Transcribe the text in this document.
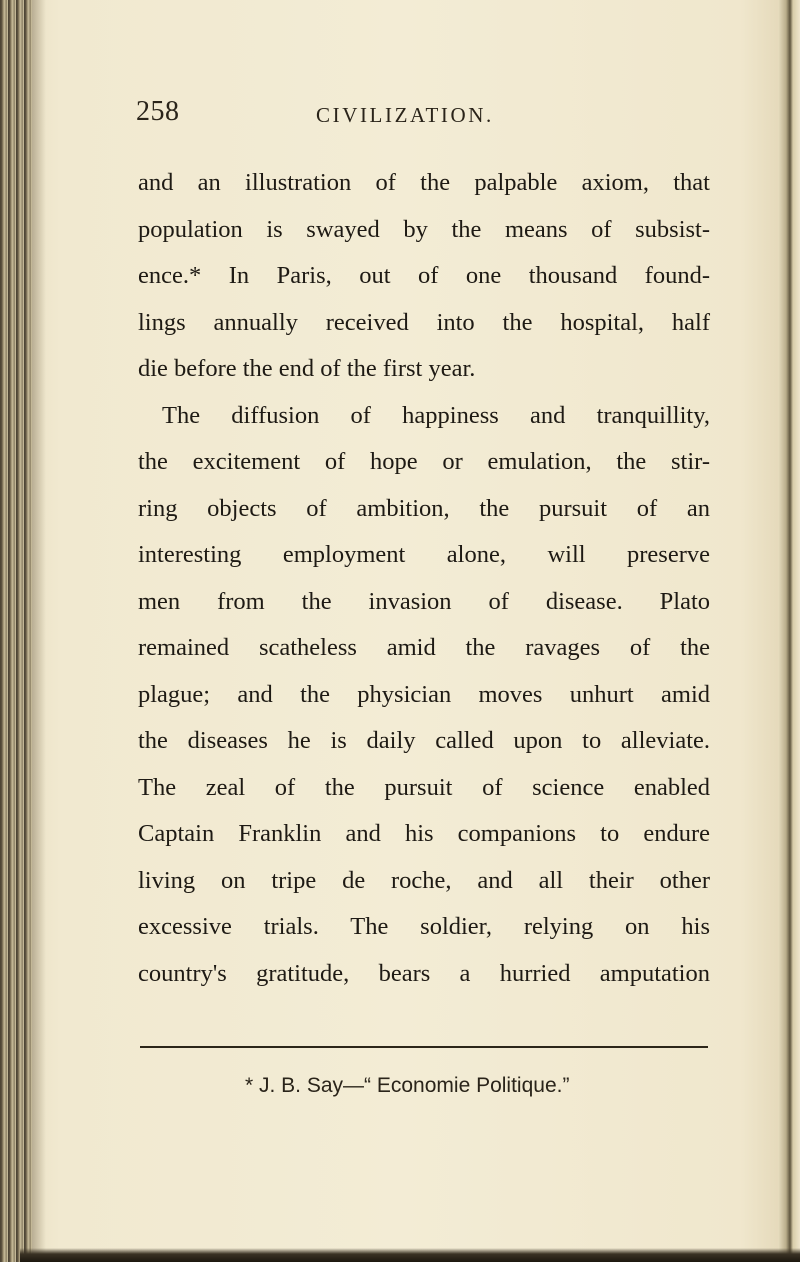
258	CIVILIZATION.
and an illustration of the palpable axiom, that
population is swayed by the means of subsist-
ence.* In Paris, out of one thousand found-
lings annually received into the hospital, half
die before the end of the first year.
The diffusion of happiness and tranquillity,
the excitement of hope or emulation, the stir-
ring objects of ambition, the pursuit of an
interesting employment alone, will preserve
men from the invasion of disease. Plato
remained scatheless amid the ravages of the
plague; and the physician moves unhurt amid
the diseases he is daily called upon to alleviate.
The zeal of the pursuit of science enabled
Captain Franklin and his companions to endure
living on tripe de roche, and all their other
excessive trials. The soldier, relying on his
country's gratitude, bears a hurried amputation
* J. B. Say—“ Economie Politique.”
